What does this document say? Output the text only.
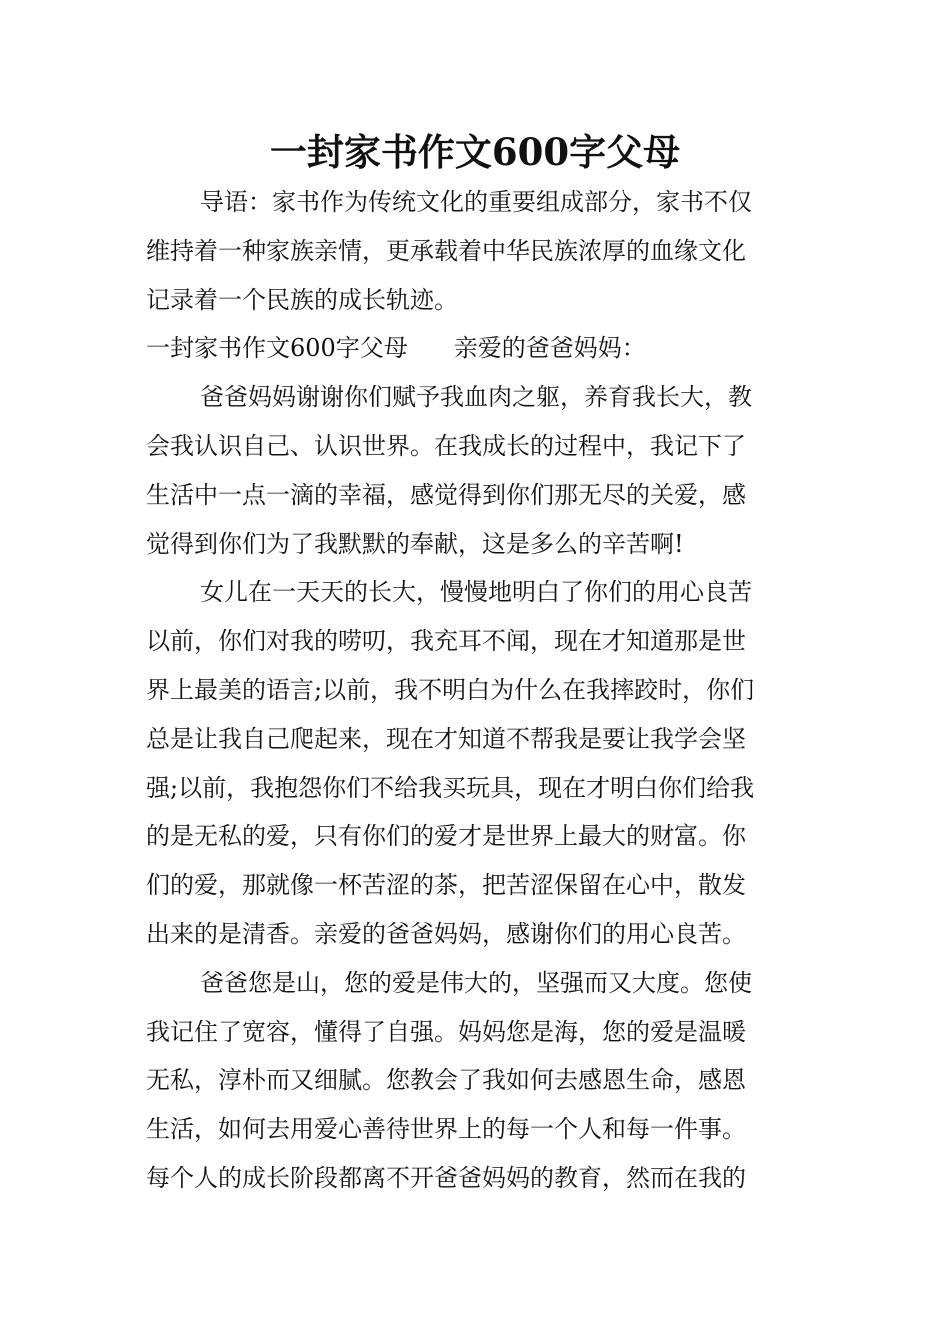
一封家书作文600字父母
导语：家书作为传统文化的重要组成部分，家书不仅
维持着一种家族亲情，更承载着中华民族浓厚的血缘文化
记录着一个民族的成长轨迹。
一封家书作文600字父母 亲爱的爸爸妈妈：
爸爸妈妈谢谢你们赋予我血肉之躯，养育我长大，教
会我认识自己、认识世界。在我成长的过程中，我记下了
生活中一点一滴的幸福，感觉得到你们那无尽的关爱，感
觉得到你们为了我默默的奉献，这是多么的辛苦啊!
女儿在一天天的长大，慢慢地明白了你们的用心良苦
以前，你们对我的唠叨，我充耳不闻，现在才知道那是世
界上最美的语言;以前，我不明白为什么在我摔跤时，你们
总是让我自己爬起来，现在才知道不帮我是要让我学会坚
强;以前，我抱怨你们不给我买玩具，现在才明白你们给我
的是无私的爱，只有你们的爱才是世界上最大的财富。你
们的爱，那就像一杯苦涩的茶，把苦涩保留在心中，散发
出来的是清香。亲爱的爸爸妈妈，感谢你们的用心良苦。
爸爸您是山，您的爱是伟大的，坚强而又大度。您使
我记住了宽容，懂得了自强。妈妈您是海，您的爱是温暖
无私，淳朴而又细腻。您教会了我如何去感恩生命，感恩
生活，如何去用爱心善待世界上的每一个人和每一件事。
每个人的成长阶段都离不开爸爸妈妈的教育，然而在我的
